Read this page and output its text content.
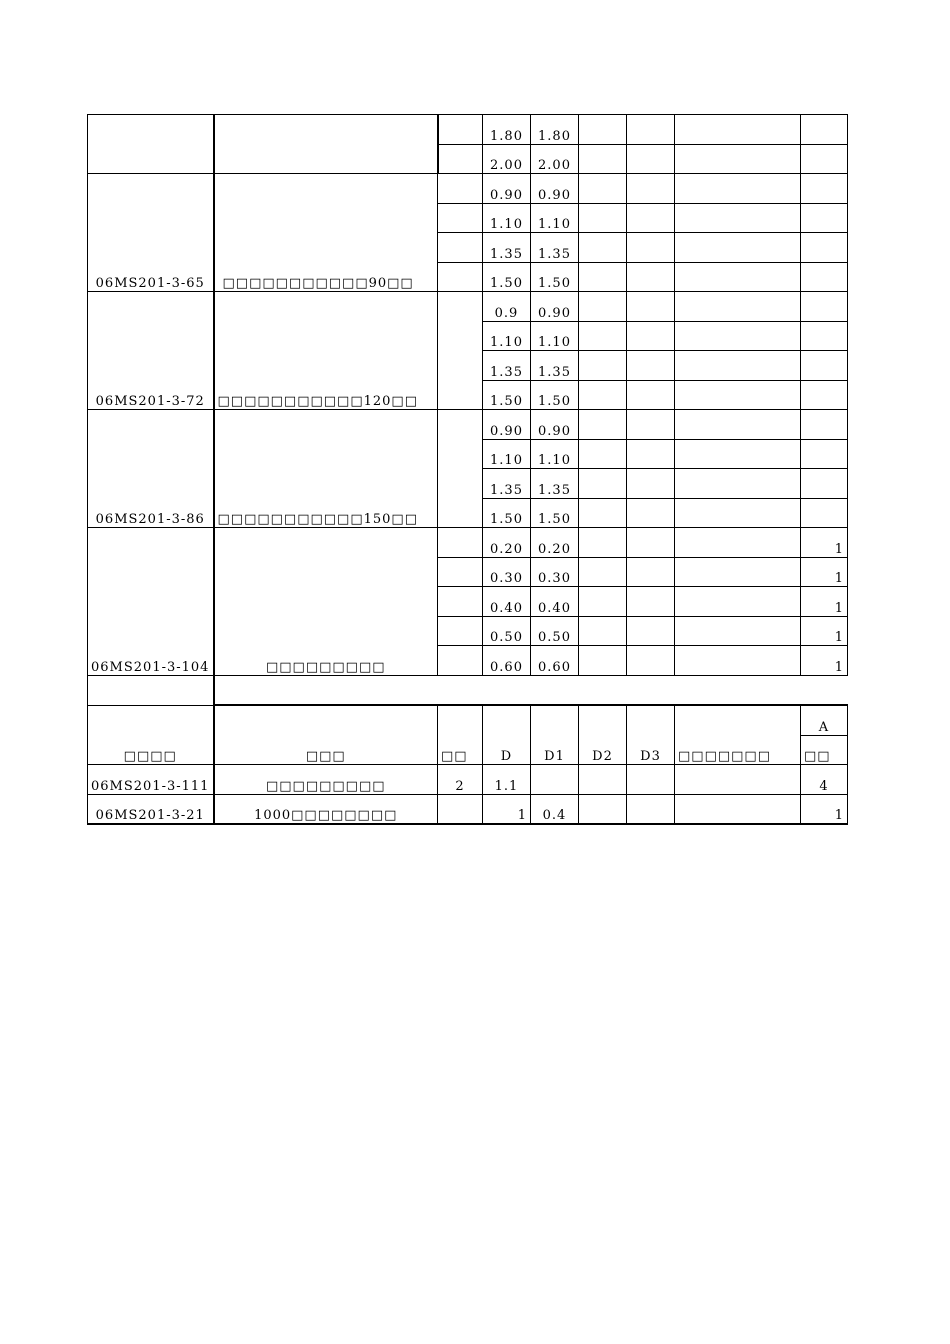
			1.80	1.80				
			2.00	2.00				
06MS201-3-65	□□□□□□□□□□□90□□		0.90	0.90				
			1.10	1.10				
			1.35	1.35				
			1.50	1.50				
06MS201-3-72	□□□□□□□□□□□120□□		0.9	0.90				
			1.10	1.10				
			1.35	1.35				
			1.50	1.50				
06MS201-3-86	□□□□□□□□□□□150□□		0.90	0.90				
			1.10	1.10				
			1.35	1.35				
			1.50	1.50				
06MS201-3-104	□□□□□□□□□		0.20	0.20				1
			0.30	0.30				1
			0.40	0.40				1
			0.50	0.50				1
			0.60	0.60				1

□□□□	□□□	□□	D	D1	D2	D3	□□□□□□□	A
								□□
06MS201-3-111	□□□□□□□□□	2	1.1					4
06MS201-3-21	1000□□□□□□□□		1	0.4				1
